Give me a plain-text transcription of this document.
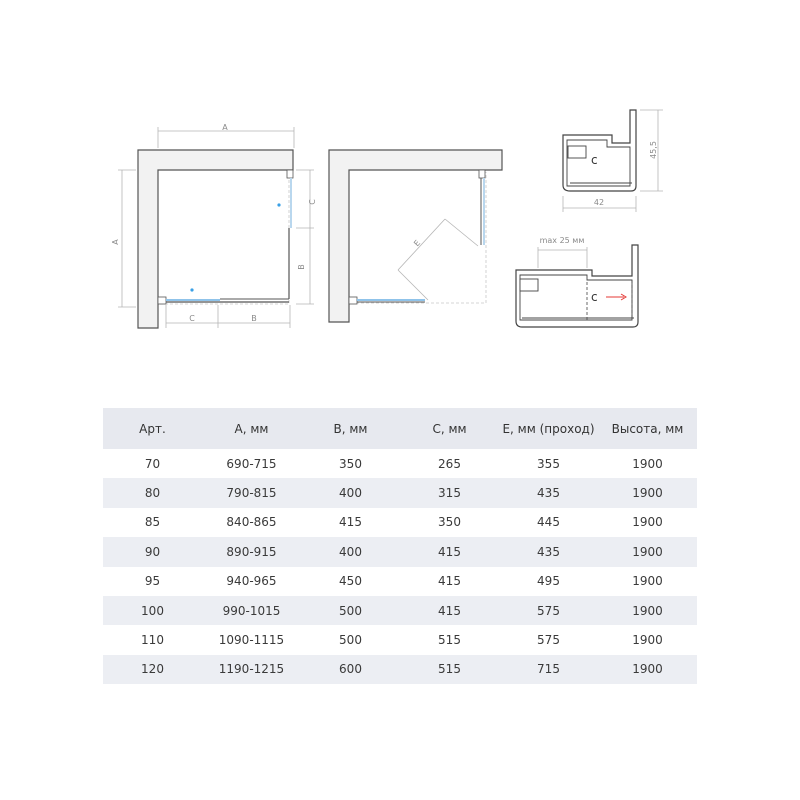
A
A
C
B
C	B
E
c
45,5
42
max 25 мм
c
Арт.	A, мм	B, мм	C, мм	E, мм (проход)	Высота, мм
70	690-715	350	265	355	1900
80	790-815	400	315	435	1900
85	840-865	415	350	445	1900
90	890-915	400	415	435	1900
95	940-965	450	415	495	1900
100	990-1015	500	415	575	1900
110	1090-1115	500	515	575	1900
120	1190-1215	600	515	715	1900
